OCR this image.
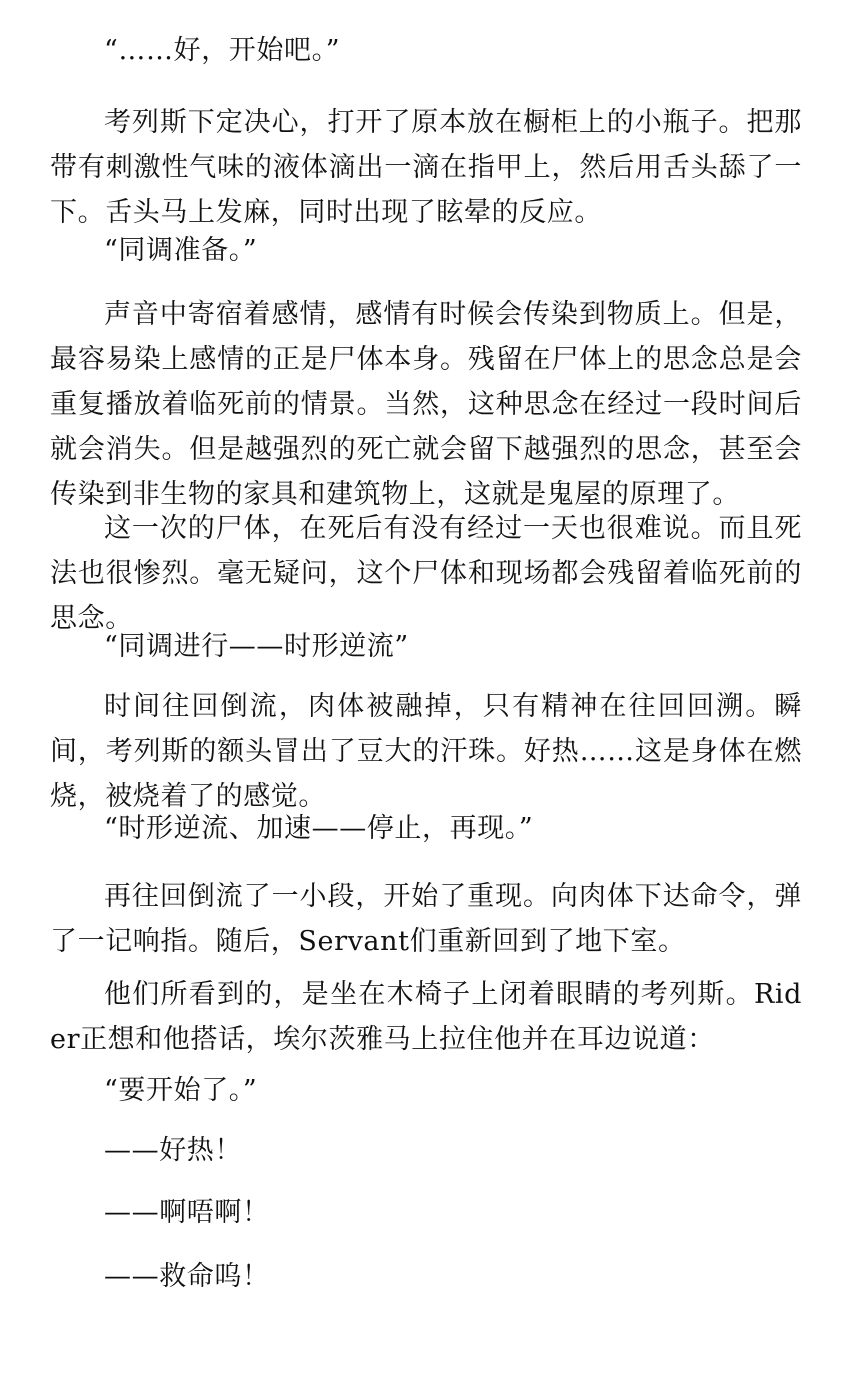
“……好，开始吧。”

考列斯下定决心，打开了原本放在橱柜上的小瓶子。把那带有刺激性气味的液体滴出一滴在指甲上，然后用舌头舔了一下。舌头马上发麻，同时出现了眩晕的反应。

“同调准备。”

声音中寄宿着感情，感情有时候会传染到物质上。但是，最容易染上感情的正是尸体本身。残留在尸体上的思念总是会重复播放着临死前的情景。当然，这种思念在经过一段时间后就会消失。但是越强烈的死亡就会留下越强烈的思念，甚至会传染到非生物的家具和建筑物上，这就是鬼屋的原理了。

这一次的尸体，在死后有没有经过一天也很难说。而且死法也很惨烈。毫无疑问，这个尸体和现场都会残留着临死前的思念。

“同调进行——时形逆流”

时间往回倒流，肉体被融掉，只有精神在往回回溯。瞬间，考列斯的额头冒出了豆大的汗珠。好热……这是身体在燃烧，被烧着了的感觉。

“时形逆流、加速——停止，再现。”

再往回倒流了一小段，开始了重现。向肉体下达命令，弹了一记响指。随后，Servant们重新回到了地下室。

他们所看到的，是坐在木椅子上闭着眼睛的考列斯。Rider正想和他搭话，埃尔茨雅马上拉住他并在耳边说道：

“要开始了。”

——好热！

——啊唔啊！

——救命呜！
